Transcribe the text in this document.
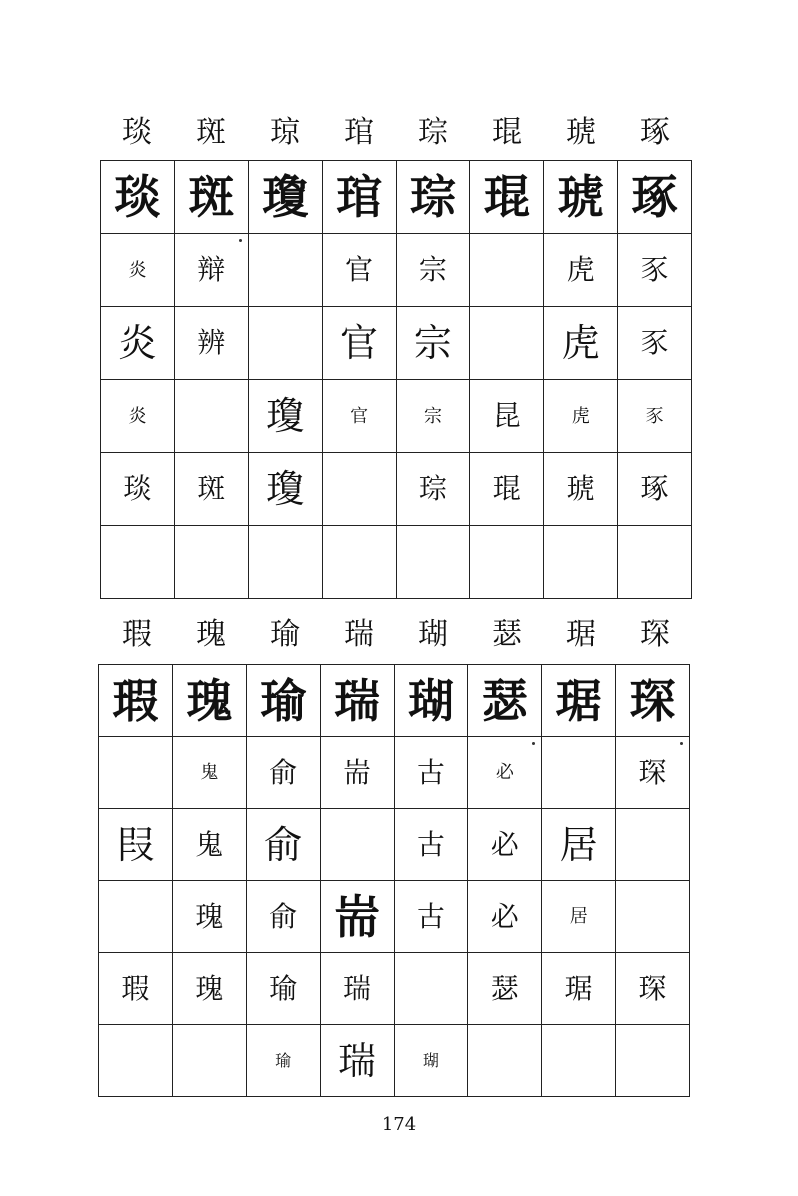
琰	斑	琼	琯	琮	琨	琥	琢
琰	斑	瓊	琯	琮	琨	琥	琢
炎	辩		官	宗		虎	豕
炎	辨		官	宗		虎	豕
炎		瓊	官	宗	昆	虎	豕
琰	斑	瓊		琮	琨	琥	琢

瑕	瑰	瑜	瑞	瑚	瑟	琚	琛
瑕	瑰	瑜	瑞	瑚	瑟	琚	琛
	鬼	俞	耑	古	必		琛

叚	鬼	俞		古	必	居	
	瑰	俞	耑	古	必	居	
瑕	瑰	瑜	瑞		瑟	琚	琛
		瑜	瑞	瑚			
174
